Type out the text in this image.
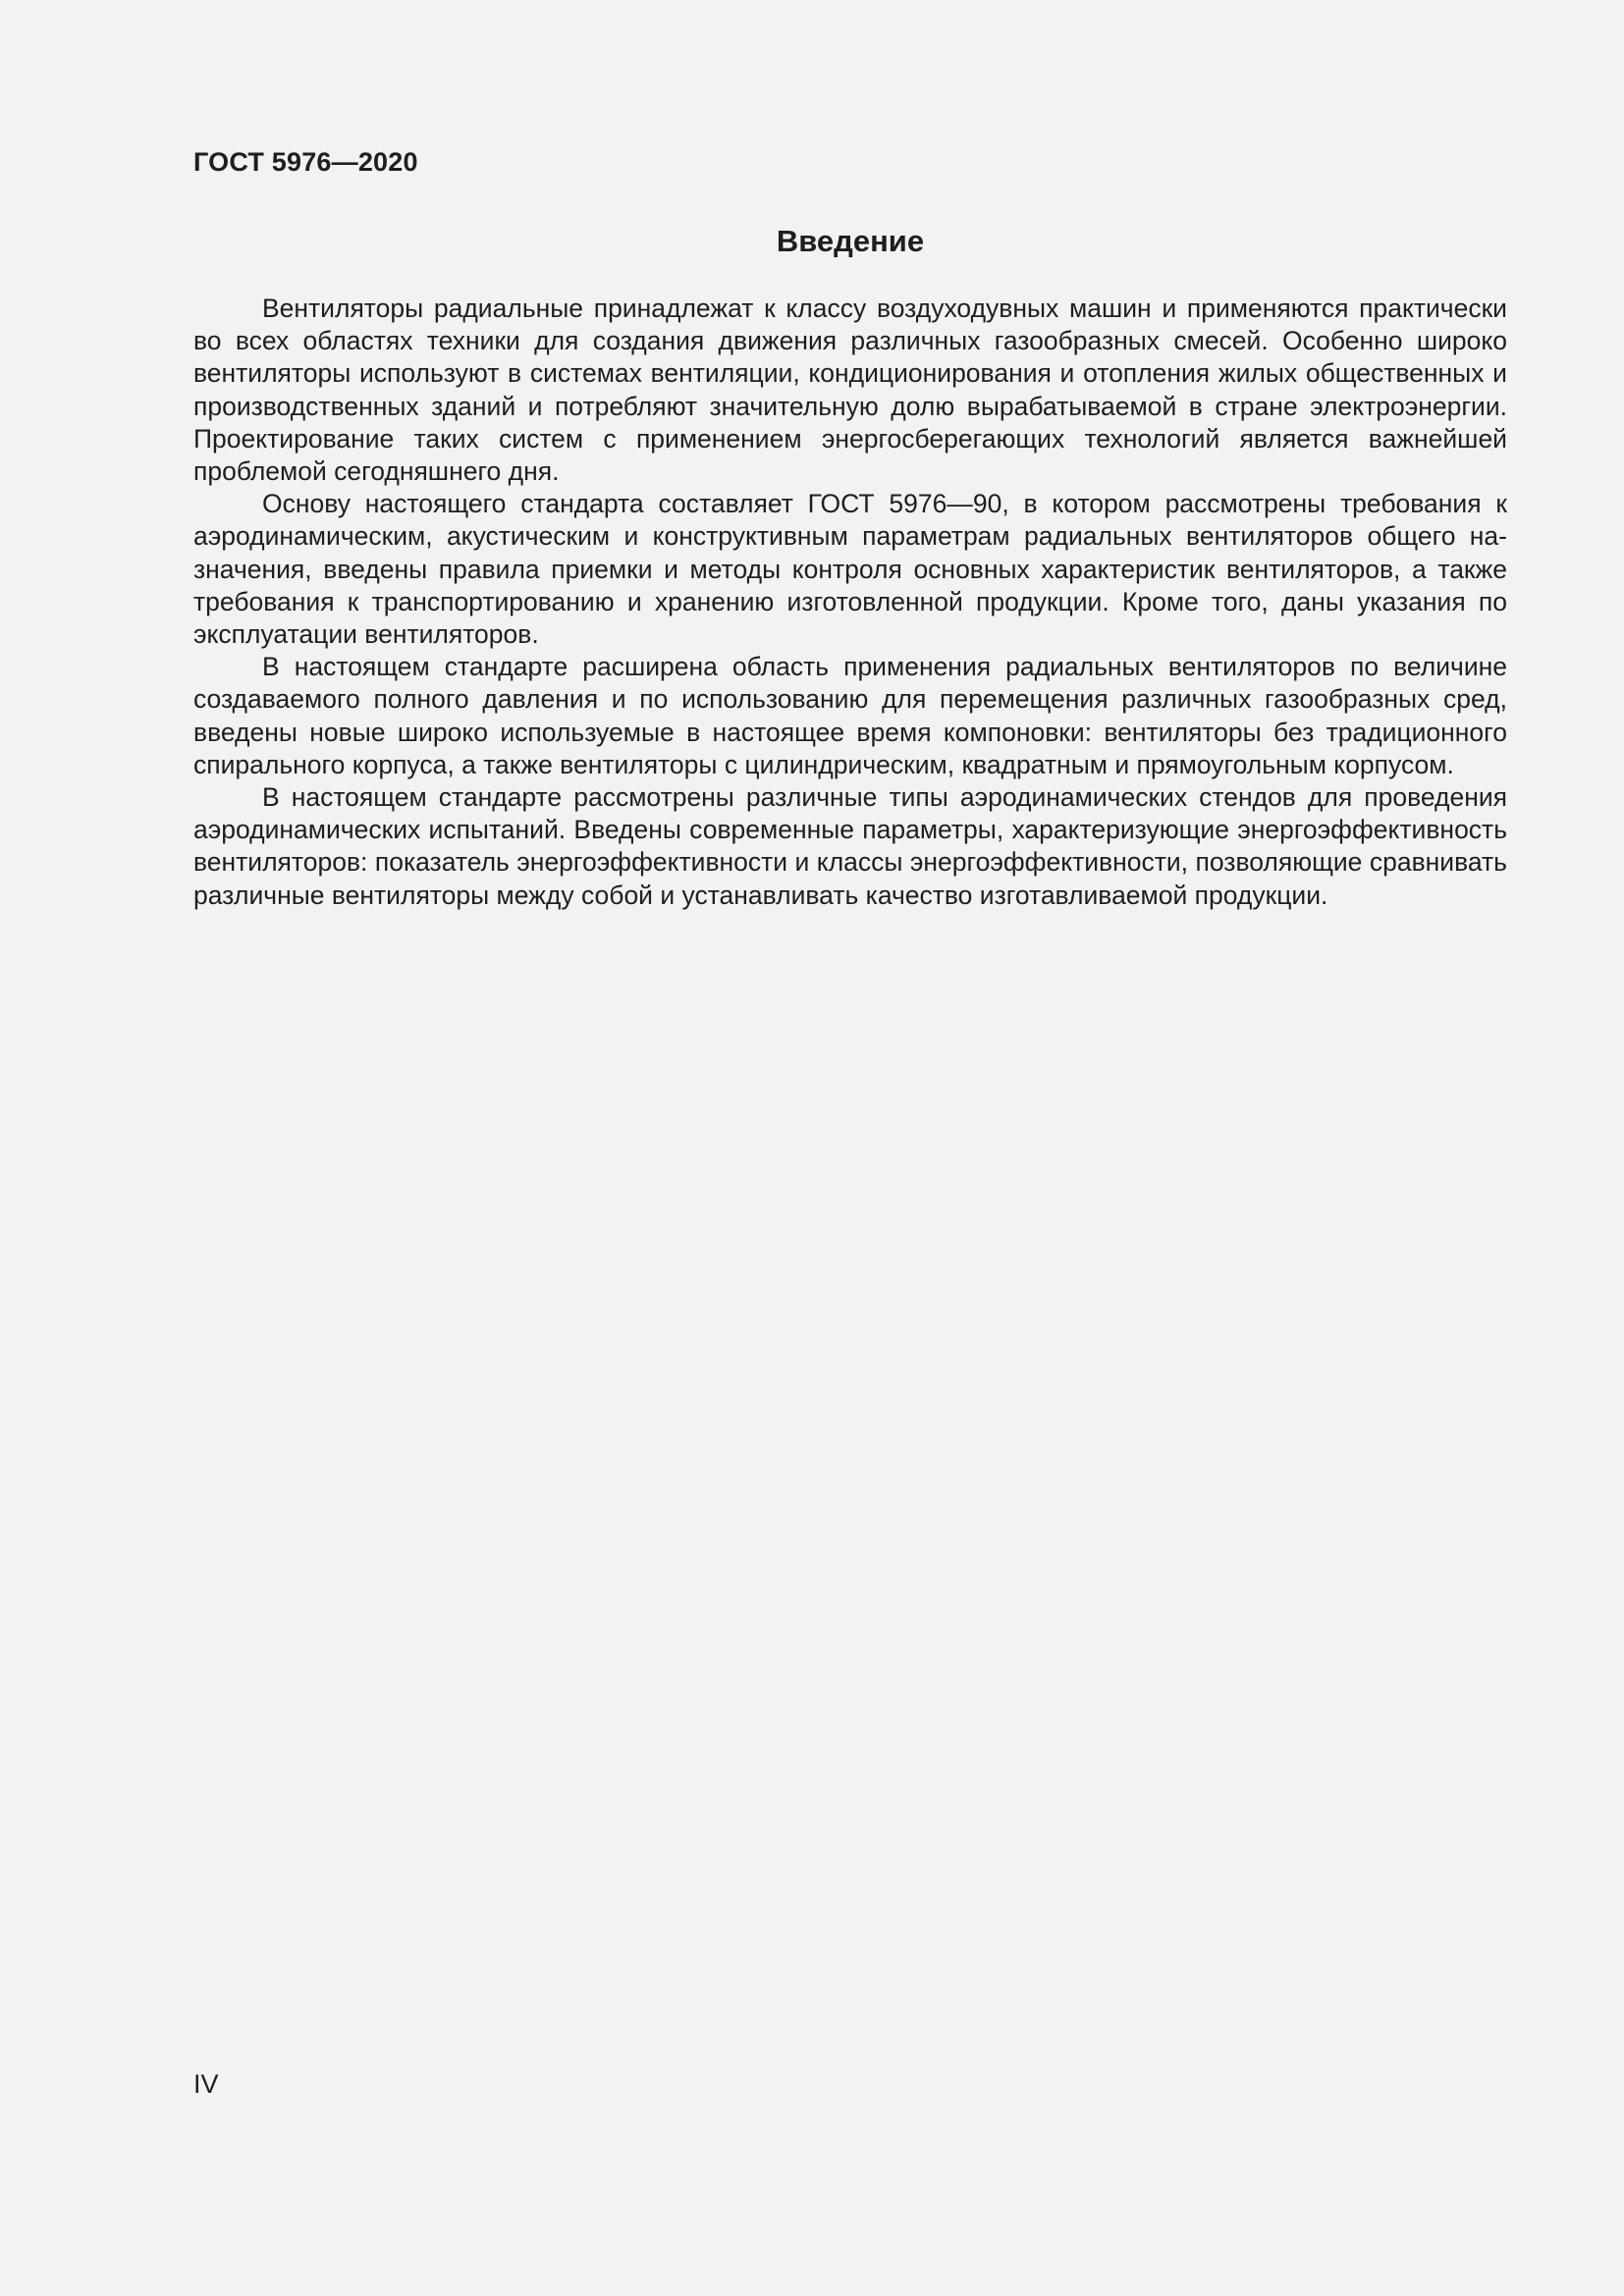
ГОСТ 5976—2020
Введение

Вентиляторы радиальные принадлежат к классу воздуходувных машин и применяются практически во всех областях техники для создания движения различных газообразных смесей. Особенно широко вентиляторы используют в системах вентиляции, кондиционирования и отопления жилых общественных и производственных зданий и потребляют значительную долю вырабатываемой в стране электроэнергии. Проектирование таких систем с применением энергосберегающих технологий является важнейшей проблемой сегодняшнего дня.

Основу настоящего стандарта составляет ГОСТ 5976—90, в котором рассмотрены требования к аэродинамическим, акустическим и конструктивным параметрам радиальных вентиляторов общего назначения, введены правила приемки и методы контроля основных характеристик вентиляторов, а также требования к транспортированию и хранению изготовленной продукции. Кроме того, даны указания по эксплуатации вентиляторов.

В настоящем стандарте расширена область применения радиальных вентиляторов по величине создаваемого полного давления и по использованию для перемещения различных газообразных сред, введены новые широко используемые в настоящее время компоновки: вентиляторы без традиционного спирального корпуса, а также вентиляторы с цилиндрическим, квадратным и прямоугольным корпусом.

В настоящем стандарте рассмотрены различные типы аэродинамических стендов для проведения аэродинамических испытаний. Введены современные параметры, характеризующие энергоэффективность вентиляторов: показатель энергоэффективности и классы энергоэффективности, позволяющие сравнивать различные вентиляторы между собой и устанавливать качество изготавливаемой продукции.

IV
